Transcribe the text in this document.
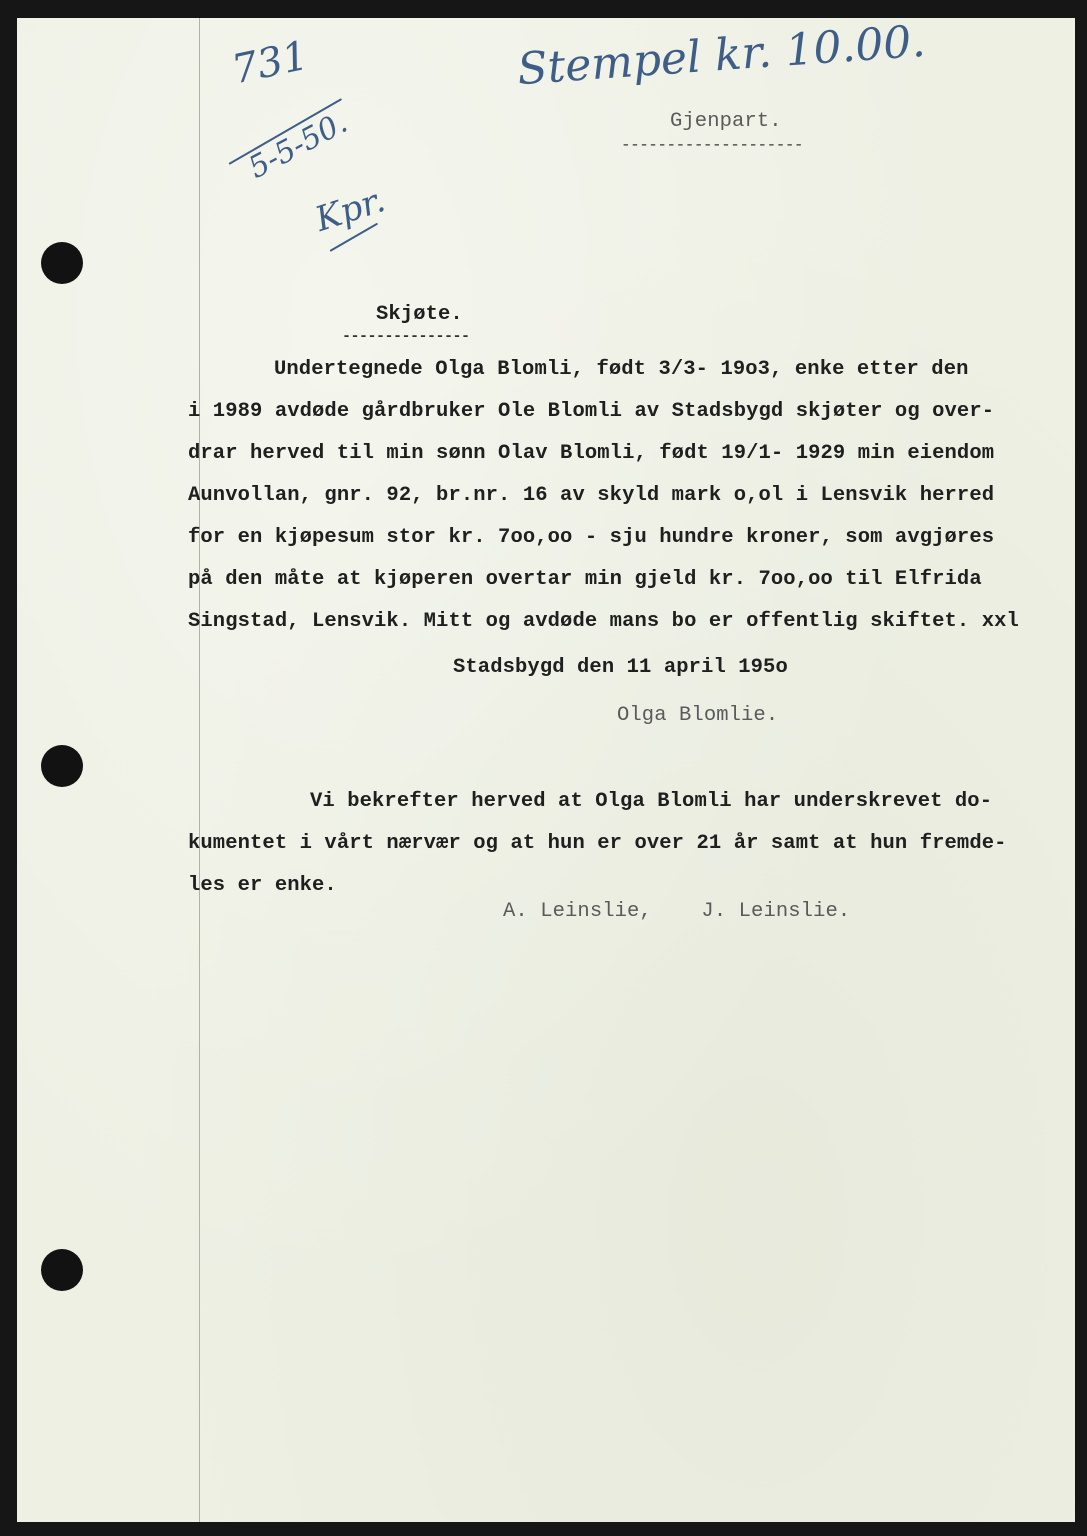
731
5-5-50.
Kpr.
Stempel kr. 10.00.
Gjenpart.
--------------------
Skjøte.
---------------
Undertegnede Olga Blomli, født 3/3- 19o3, enke etter den
i 1989 avdøde gårdbruker Ole Blomli av Stadsbygd skjøter og over-
drar herved til min sønn Olav Blomli, født 19/1- 1929 min eiendom
Aunvollan, gnr. 92, br.nr. 16 av skyld mark o,ol i Lensvik herred
for en kjøpesum stor kr. 7oo,oo - sju hundre kroner, som avgjøres
på den måte at kjøperen overtar min gjeld kr. 7oo,oo til Elfrida
Singstad, Lensvik. Mitt og avdøde mans bo er offentlig skiftet. xxl
Stadsbygd den 11 april 195o
Olga Blomlie.
Vi bekrefter herved at Olga Blomli har underskrevet do-
kumentet i vårt nærvær og at hun er over 21 år samt at hun fremde-
les er enke.
A. Leinslie,    J. Leinslie.
